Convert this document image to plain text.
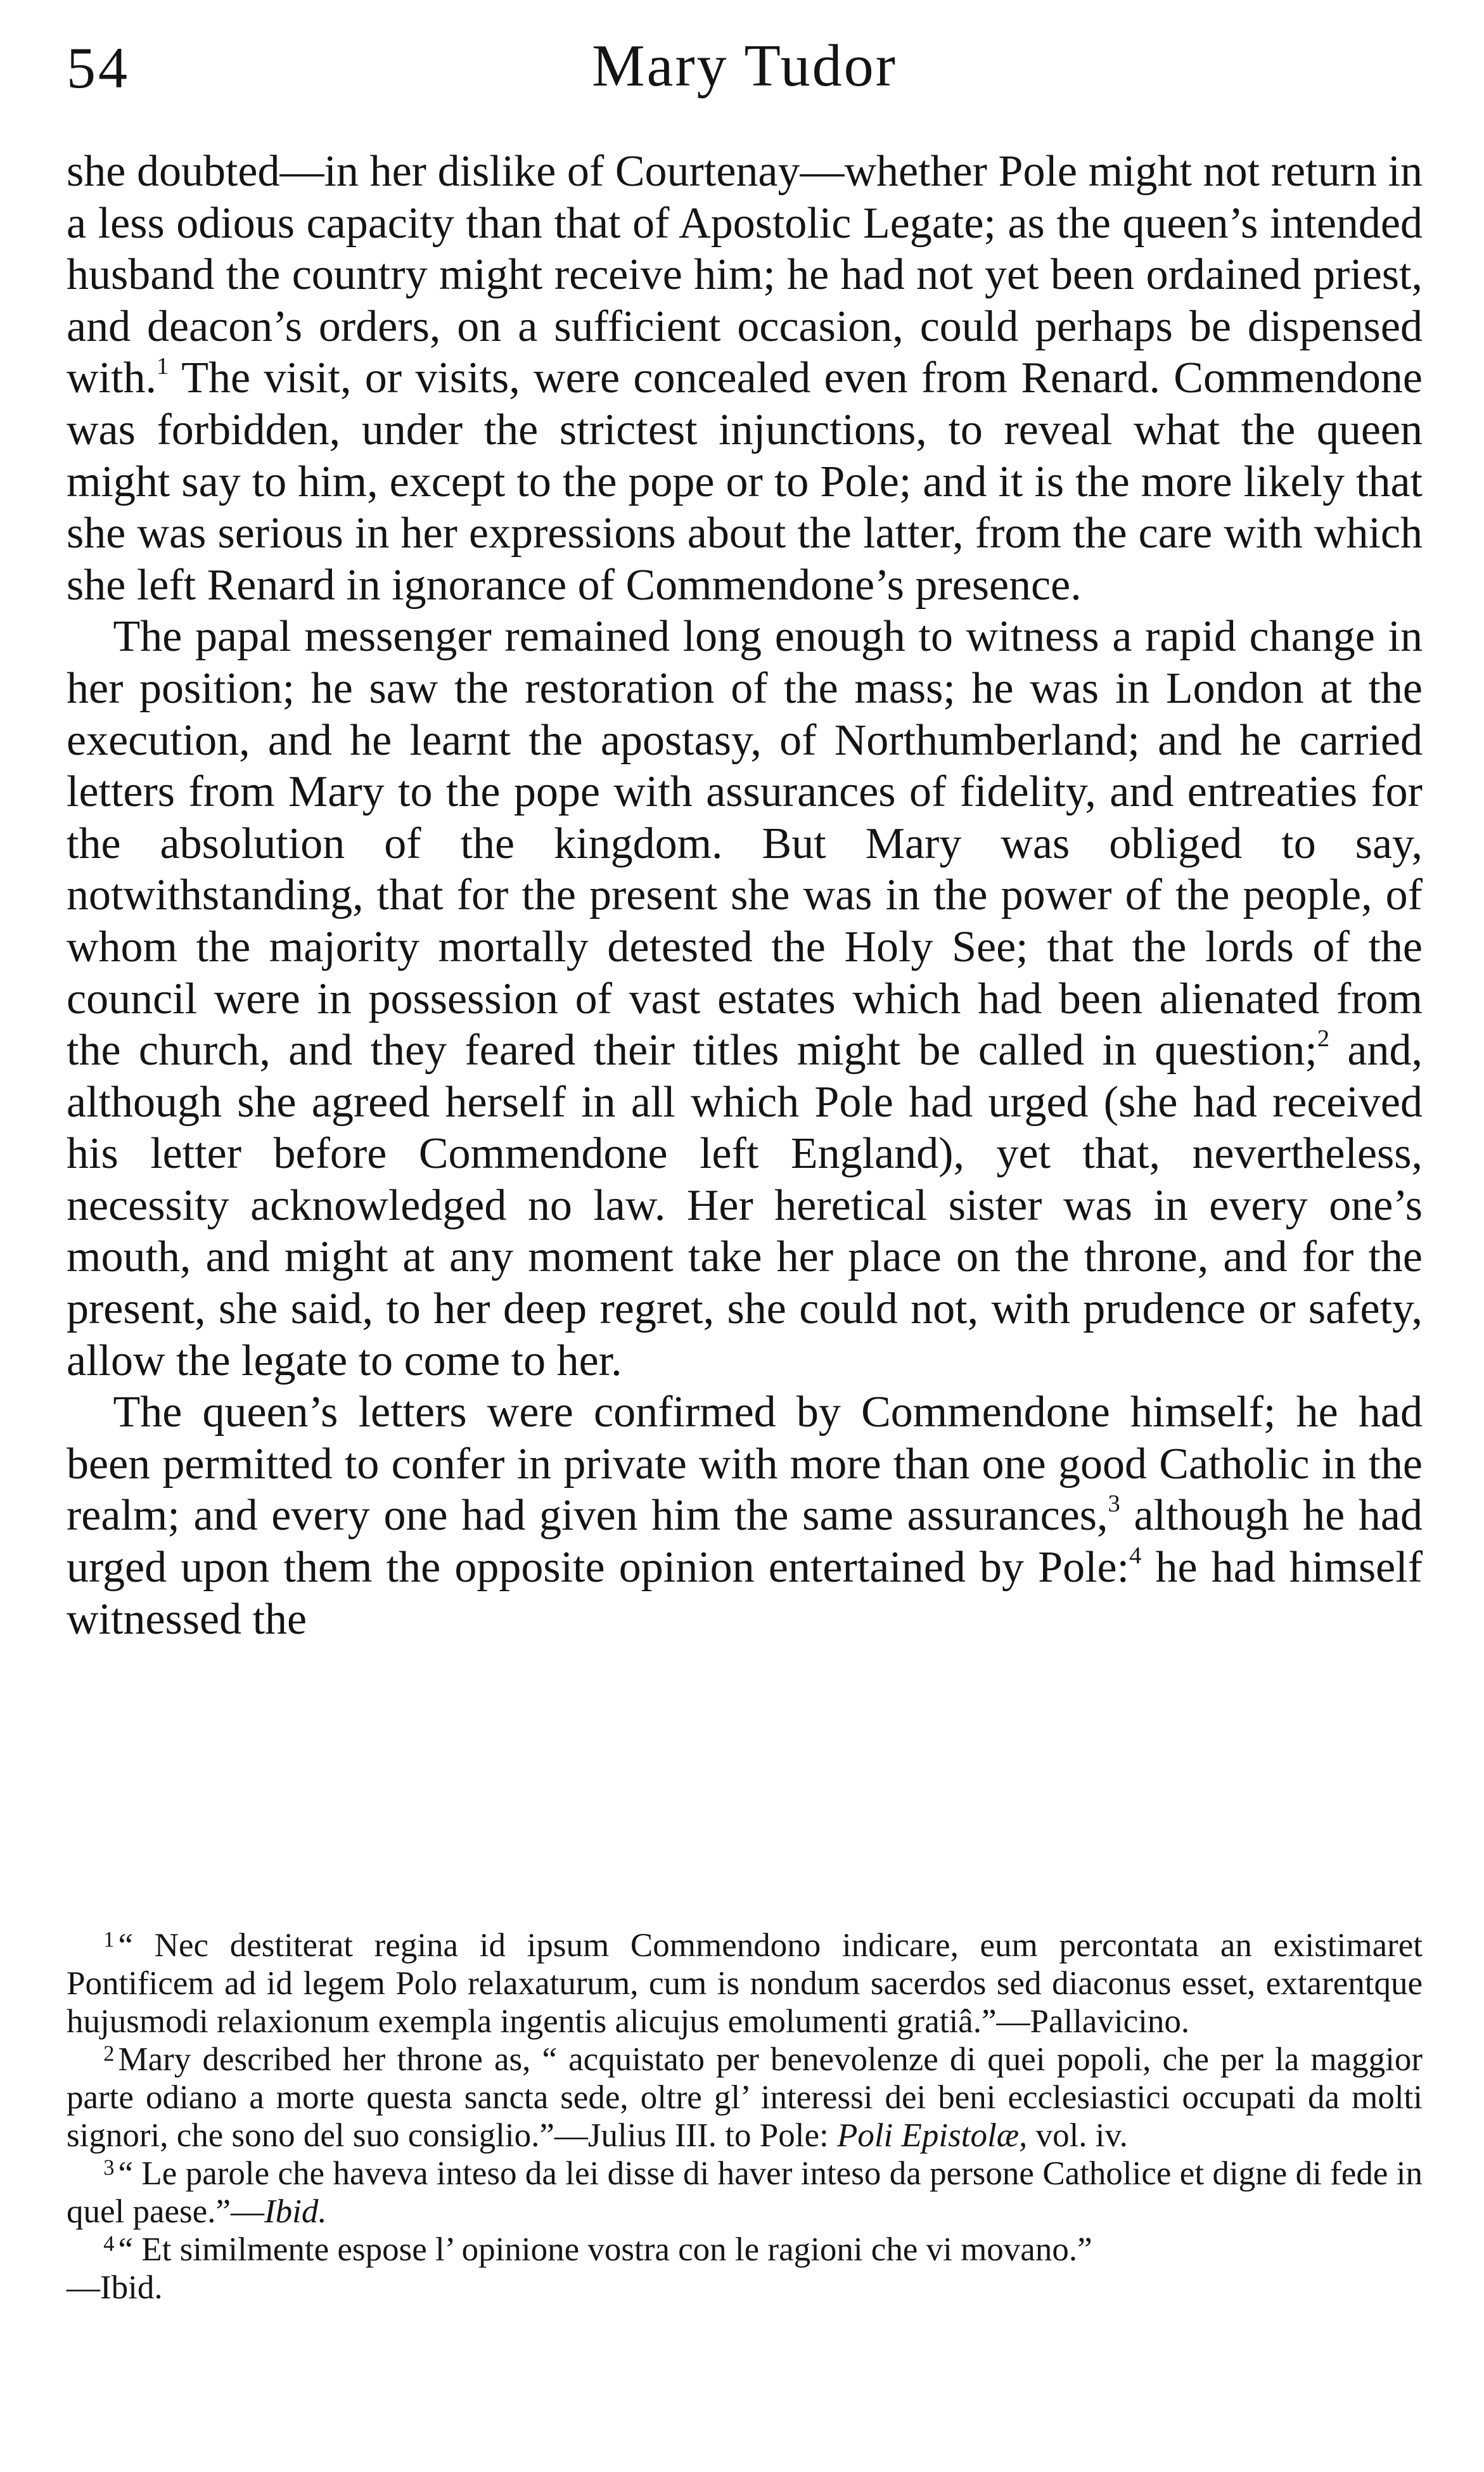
54	Mary Tudor

she doubted—in her dislike of Courtenay—whether Pole might not return in a less odious capacity than that of Apostolic Legate; as the queen’s intended husband the country might receive him; he had not yet been ordained priest, and deacon’s orders, on a sufficient occasion, could perhaps be dispensed with.$^1$ The visit, or visits, were concealed even from Renard. Commendone was forbidden, under the strictest injunctions, to reveal what the queen might say to him, except to the pope or to Pole; and it is the more likely that she was serious in her expressions about the latter, from the care with which she left Renard in ignorance of Commendone’s presence.

The papal messenger remained long enough to witness a rapid change in her position; he saw the restoration of the mass; he was in London at the execution, and he learnt the apostasy, of Northumberland; and he carried letters from Mary to the pope with assurances of fidelity, and entreaties for the absolution of the kingdom. But Mary was obliged to say, notwithstanding, that for the present she was in the power of the people, of whom the majority mortally detested the Holy See; that the lords of the council were in possession of vast estates which had been alienated from the church, and they feared their titles might be called in question;$^2$ and, although she agreed herself in all which Pole had urged (she had received his letter before Commendone left England), yet that, nevertheless, necessity acknowledged no law. Her heretical sister was in every one’s mouth, and might at any moment take her place on the throne, and for the present, she said, to her deep regret, she could not, with prudence or safety, allow the legate to come to her.

The queen’s letters were confirmed by Commendone himself; he had been permitted to confer in private with more than one good Catholic in the realm; and every one had given him the same assurances,$^3$ although he had urged upon them the opposite opinion entertained by Pole:$^4$ he had himself witnessed the

$^1$ “ Nec destiterat regina id ipsum Commendono indicare, eum percontata an existimaret Pontificem ad id legem Polo relaxaturum, cum is nondum sacerdos sed diaconus esset, extarentque hujusmodi relaxionum exempla ingentis alicujus emolumenti gratiâ.”—Pallavicino.

$^2$ Mary described her throne as, “ acquistato per benevolenze di quei popoli, che per la maggior parte odiano a morte questa sancta sede, oltre gl’ interessi dei beni ecclesiastici occupati da molti signori, che sono del suo consiglio.”—Julius III. to Pole: Poli Epistolæ, vol. iv.

$^3$ “ Le parole che haveva inteso da lei disse di haver inteso da persone Catholice et digne di fede in quel paese.”—Ibid.

$^4$ “ Et similmente espose l’ opinione vostra con le ragioni che vi movano.”

—Ibid.
